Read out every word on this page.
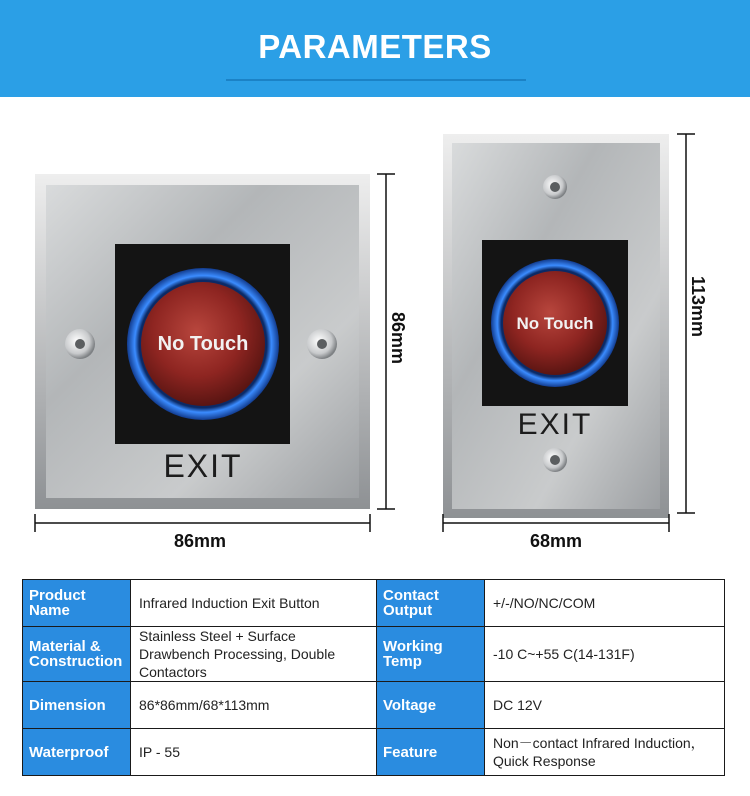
PARAMETERS
No Touch
EXIT
No Touch
EXIT
86mm
86mm
68mm
113mm
Product Name	Infrared Induction Exit Button	Contact Output	+/-/NO/NC/COM
Material & Construction	Stainless Steel + Surface Drawbench Processing, Double Contactors	Working Temp	-10 C~+55 C(14-131F)
Dimension	86*86mm/68*113mm	Voltage	DC 12V
Waterproof	IP - 55	Feature	Non－contact Infrared Induction，Quick Response
